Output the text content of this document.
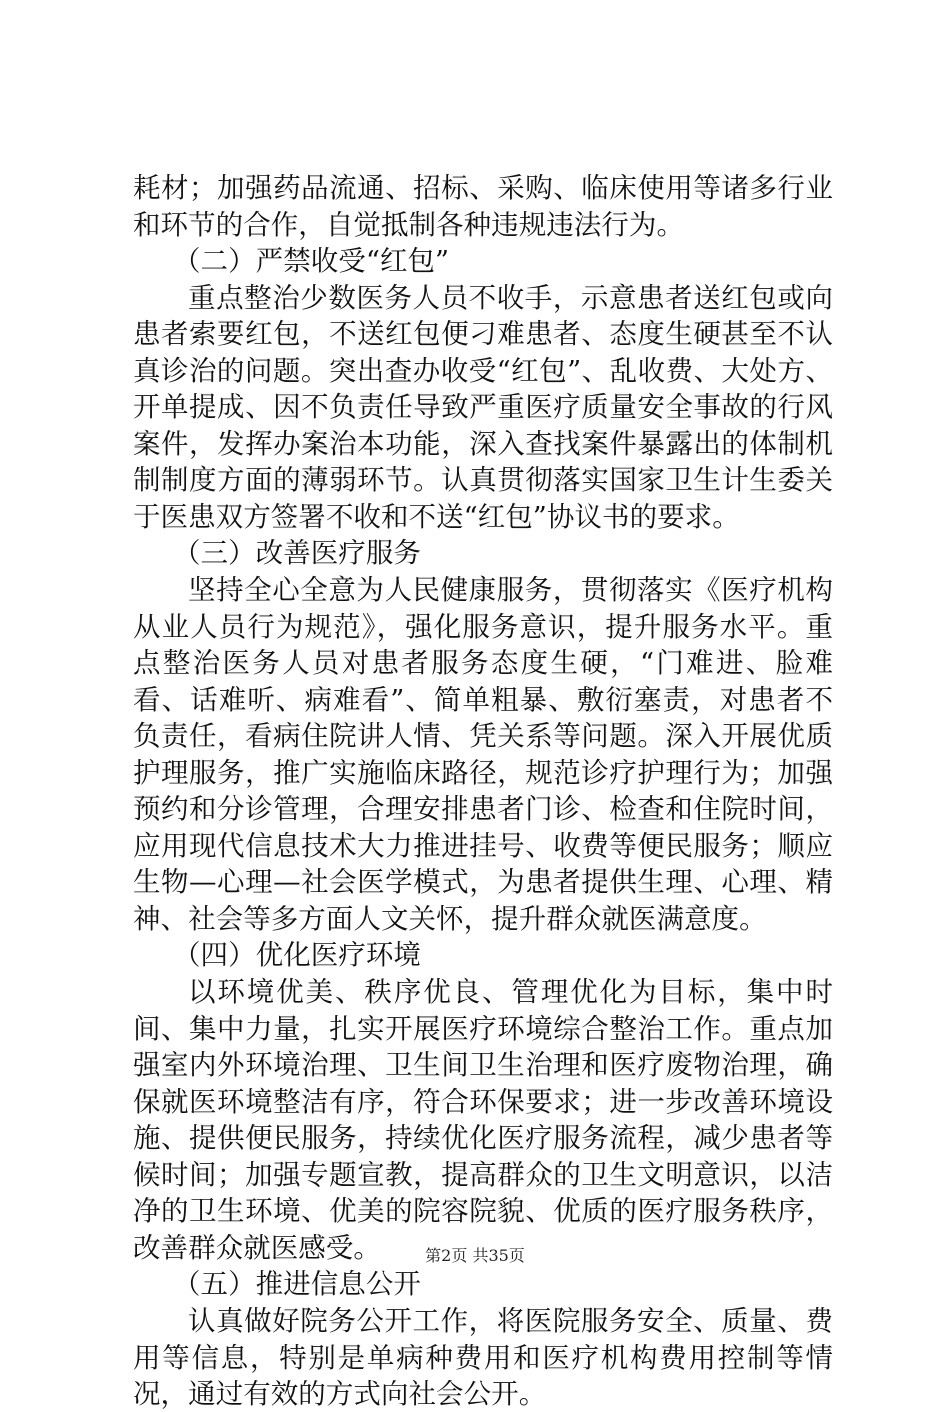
耗材；加强药品流通、招标、采购、临床使用等诸多行业和环节的合作，自觉抵制各种违规违法行为。

（二）严禁收受“红包”

重点整治少数医务人员不收手，示意患者送红包或向患者索要红包，不送红包便刁难患者、态度生硬甚至不认真诊治的问题。突出查办收受“红包”、乱收费、大处方、开单提成、因不负责任导致严重医疗质量安全事故的行风案件，发挥办案治本功能，深入查找案件暴露出的体制机制制度方面的薄弱环节。认真贯彻落实国家卫生计生委关于医患双方签署不收和不送“红包”协议书的要求。

（三）改善医疗服务

坚持全心全意为人民健康服务，贯彻落实《医疗机构从业人员行为规范》，强化服务意识，提升服务水平。重点整治医务人员对患者服务态度生硬，“门难进、脸难看、话难听、病难看”、简单粗暴、敷衍塞责，对患者不负责任，看病住院讲人情、凭关系等问题。深入开展优质护理服务，推广实施临床路径，规范诊疗护理行为；加强预约和分诊管理，合理安排患者门诊、检查和住院时间，应用现代信息技术大力推进挂号、收费等便民服务；顺应生物—心理—社会医学模式，为患者提供生理、心理、精神、社会等多方面人文关怀，提升群众就医满意度。

（四）优化医疗环境

以环境优美、秩序优良、管理优化为目标，集中时间、集中力量，扎实开展医疗环境综合整治工作。重点加强室内外环境治理、卫生间卫生治理和医疗废物治理，确保就医环境整洁有序，符合环保要求；进一步改善环境设施、提供便民服务，持续优化医疗服务流程，减少患者等候时间；加强专题宣教，提高群众的卫生文明意识，以洁净的卫生环境、优美的院容院貌、优质的医疗服务秩序，改善群众就医感受。

（五）推进信息公开

认真做好院务公开工作，将医院服务安全、质量、费用等信息，特别是单病种费用和医疗机构费用控制等情况，通过有效的方式向社会公开。

第2页 共35页
